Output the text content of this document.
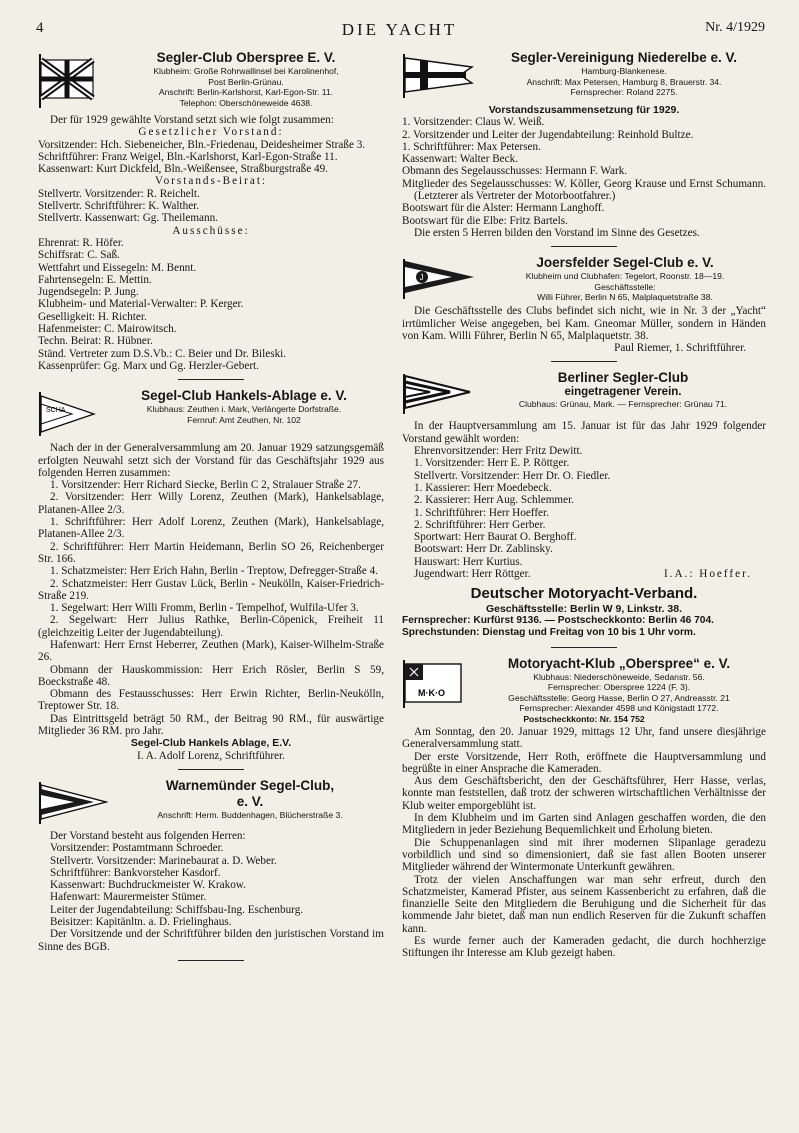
4	DIE YACHT	Nr. 4/1929
Segler-Club Oberspree E. V.
Klubheim: Große Rohrwallinsel bei Karolinenhof,
Post Berlin-Grünau.
Anschrift: Berlin-Karlshorst, Karl-Egon-Str. 11.
Telephon: Oberschöneweide 4638.

Der für 1929 gewählte Vorstand setzt sich wie folgt zusammen:

Gesetzlicher Vorstand:

Vorsitzender: Hch. Siebeneicher, Bln.-Friedenau, Deidesheimer Straße 3.

Schriftführer: Franz Weigel, Bln.-Karlshorst, Karl-Egon-Straße 11.

Kassenwart: Kurt Dickfeld, Bln.-Weißensee, Straßburgstraße 49.

Vorstands-Beirat:

Stellvertr. Vorsitzender: R. Reichelt.

Stellvertr. Schriftführer: K. Walther.

Stellvertr. Kassenwart: Gg. Theilemann.

Ausschüsse:

Ehrenrat: R. Höfer.

Schiffsrat: C. Saß.

Wettfahrt und Eissegeln: M. Bennt.

Fahrtensegeln: E. Mettin.

Jugendsegeln: P. Jung.

Klubheim- und Material-Verwalter: P. Kerger.

Geselligkeit: H. Richter.

Hafenmeister: C. Mairowitsch.

Techn. Beirat: R. Hübner.

Ständ. Vertreter zum D.S.Vb.: C. Beier und Dr. Bileski.

Kassenprüfer: Gg. Marx und Gg. Herzler-Gebert.

SCHA
Segel-Club Hankels-Ablage e. V.
Klubhaus: Zeuthen i. Mark, Verlängerte Dorfstraße.
Fernruf: Amt Zeuthen, Nr. 102

Nach der in der Generalversammlung am 20. Januar 1929 satzungsgemäß erfolgten Neuwahl setzt sich der Vorstand für das Geschäftsjahr 1929 aus folgenden Herren zusammen:

1. Vorsitzender: Herr Richard Siecke, Berlin C 2, Stralauer Straße 27.

2. Vorsitzender: Herr Willy Lorenz, Zeuthen (Mark), Hankelsablage, Platanen-Allee 2/3.

1. Schriftführer: Herr Adolf Lorenz, Zeuthen (Mark), Hankelsablage, Platanen-Allee 2/3.

2. Schriftführer: Herr Martin Heidemann, Berlin SO 26, Reichenberger Str. 166.

1. Schatzmeister: Herr Erich Hahn, Berlin - Treptow, Defregger-Straße 4.

2. Schatzmeister: Herr Gustav Lück, Berlin - Neukölln, Kaiser-Friedrich-Straße 219.

1. Segelwart: Herr Willi Fromm, Berlin - Tempelhof, Wulfila-Ufer 3.

2. Segelwart: Herr Julius Rathke, Berlin-Cöpenick, Freiheit 11 (gleichzeitig Leiter der Jugendabteilung).

Hafenwart: Herr Ernst Heberrer, Zeuthen (Mark), Kaiser-Wilhelm-Straße 26.

Obmann der Hauskommission: Herr Erich Rösler, Berlin S 59, Boeckstraße 48.

Obmann des Festausschusses: Herr Erwin Richter, Berlin-Neukölln, Treptower Str. 18.

Das Eintrittsgeld beträgt 50 RM., der Beitrag 90 RM., für auswärtige Mitglieder 36 RM. pro Jahr.

Segel-Club Hankels Ablage, E.V.

I. A. Adolf Lorenz, Schriftführer.

Warnemünder Segel-Club,
e. V.
Anschrift: Herm. Buddenhagen, Blücherstraße 3.

Der Vorstand besteht aus folgenden Herren:

Vorsitzender: Postamtmann Schroeder.

Stellvertr. Vorsitzender: Marinebaurat a. D. Weber.

Schriftführer: Bankvorsteher Kasdorf.

Kassenwart: Buchdruckmeister W. Krakow.

Hafenwart: Maurermeister Stümer.

Leiter der Jugendabteilung: Schiffsbau-Ing. Eschenburg.

Beisitzer: Kapitänltn. a. D. Frielinghaus.

Der Vorsitzende und der Schriftführer bilden den juristischen Vorstand im Sinne des BGB.

Segler-Vereinigung Niederelbe e. V.
Hamburg-Blankenese.
Anschrift: Max Petersen, Hamburg 8, Brauerstr. 34.
Fernsprecher: Roland 2275.

Vorstandszusammensetzung für 1929.

1. Vorsitzender: Claus W. Weiß.

2. Vorsitzender und Leiter der Jugendabteilung: Reinhold Bultze.

1. Schriftführer: Max Petersen.

Kassenwart: Walter Beck.

Obmann des Segelausschusses: Hermann F. Wark.

Mitglieder des Segelausschusses: W. Köller, Georg Krause und Ernst Schumann. (Letzterer als Vertreter der Motorbootfahrer.)

Bootswart für die Alster: Hermann Langhoff.

Bootswart für die Elbe: Fritz Bartels.

Die ersten 5 Herren bilden den Vorstand im Sinne des Gesetzes.

J
Joersfelder Segel-Club e. V.
Klubheim und Clubhafen: Tegelort, Roonstr. 18—19.
Geschäftsstelle:
Willi Führer, Berlin N 65, Malplaquetstraße 38.

Die Geschäftsstelle des Clubs befindet sich nicht, wie in Nr. 3 der „Yacht“ irrtümlicher Weise angegeben, bei Kam. Gneomar Müller, sondern in Händen von Kam. Willi Führer, Berlin N 65, Malplaquetstr. 38.

Paul Riemer, 1. Schriftführer.

Berliner Segler-Club
eingetragener Verein.
Clubhaus: Grünau, Mark. — Fernsprecher: Grünau 71.

In der Hauptversammlung am 15. Januar ist für das Jahr 1929 folgender Vorstand gewählt worden:

Ehrenvorsitzender: Herr Fritz Dewitt.

1. Vorsitzender: Herr E. P. Röttger.

Stellvertr. Vorsitzender: Herr Dr. O. Fiedler.

1. Kassierer: Herr Moedebeck.

2. Kassierer: Herr Aug. Schlemmer.

1. Schriftführer: Herr Hoeffer.

2. Schriftführer: Herr Gerber.

Sportwart: Herr Baurat O. Berghoff.

Bootswart: Herr Dr. Zablinsky.

Hauswart: Herr Kurtius.

Jugendwart: Herr Röttger.	I.A.: Hoeffer.

Deutscher Motoryacht-Verband.

Geschäftsstelle: Berlin W 9, Linkstr. 38.

Fernsprecher: Kurfürst 9136. — Postscheckkonto: Berlin 46 704.

Sprechstunden: Dienstag und Freitag von 10 bis 1 Uhr vorm.

M·K·O
Motoryacht-Klub „Oberspree“ e. V.
Klubhaus: Niederschöneweide, Sedanstr. 56.
Fernsprecher: Oberspree 1224 (F. 3).
Geschäftsstelle: Georg Hasse, Berlin O 27, Andreasstr. 21
Fernsprecher: Alexander 4598 und Königstadt 1772.
Postscheckkonto: Nr. 154 752

Am Sonntag, den 20. Januar 1929, mittags 12 Uhr, fand unsere diesjährige Generalversammlung statt.

Der erste Vorsitzende, Herr Roth, eröffnete die Hauptversammlung und begrüßte in einer Ansprache die Kameraden.

Aus dem Geschäftsbericht, den der Geschäftsführer, Herr Hasse, verlas, konnte man feststellen, daß trotz der schweren wirtschaftlichen Verhältnisse der Klub weiter emporgeblüht ist.

In dem Klubheim und im Garten sind Anlagen geschaffen worden, die den Mitgliedern in jeder Beziehung Bequemlichkeit und Erholung bieten.

Die Schuppenanlagen sind mit ihrer modernen Slipanlage geradezu vorbildlich und sind so dimensioniert, daß sie fast allen Booten unserer Mitglieder während der Wintermonate Unterkunft gewähren.

Trotz der vielen Anschaffungen war man sehr erfreut, durch den Schatzmeister, Kamerad Pfister, aus seinem Kassenbericht zu erfahren, daß die finanzielle Seite den Mitgliedern die Beruhigung und die Sicherheit für das kommende Jahr bietet, daß man nun endlich Reserven für die Zukunft schaffen kann.

Es wurde ferner auch der Kameraden gedacht, die durch hochherzige Stiftungen ihr Interesse am Klub gezeigt haben.
